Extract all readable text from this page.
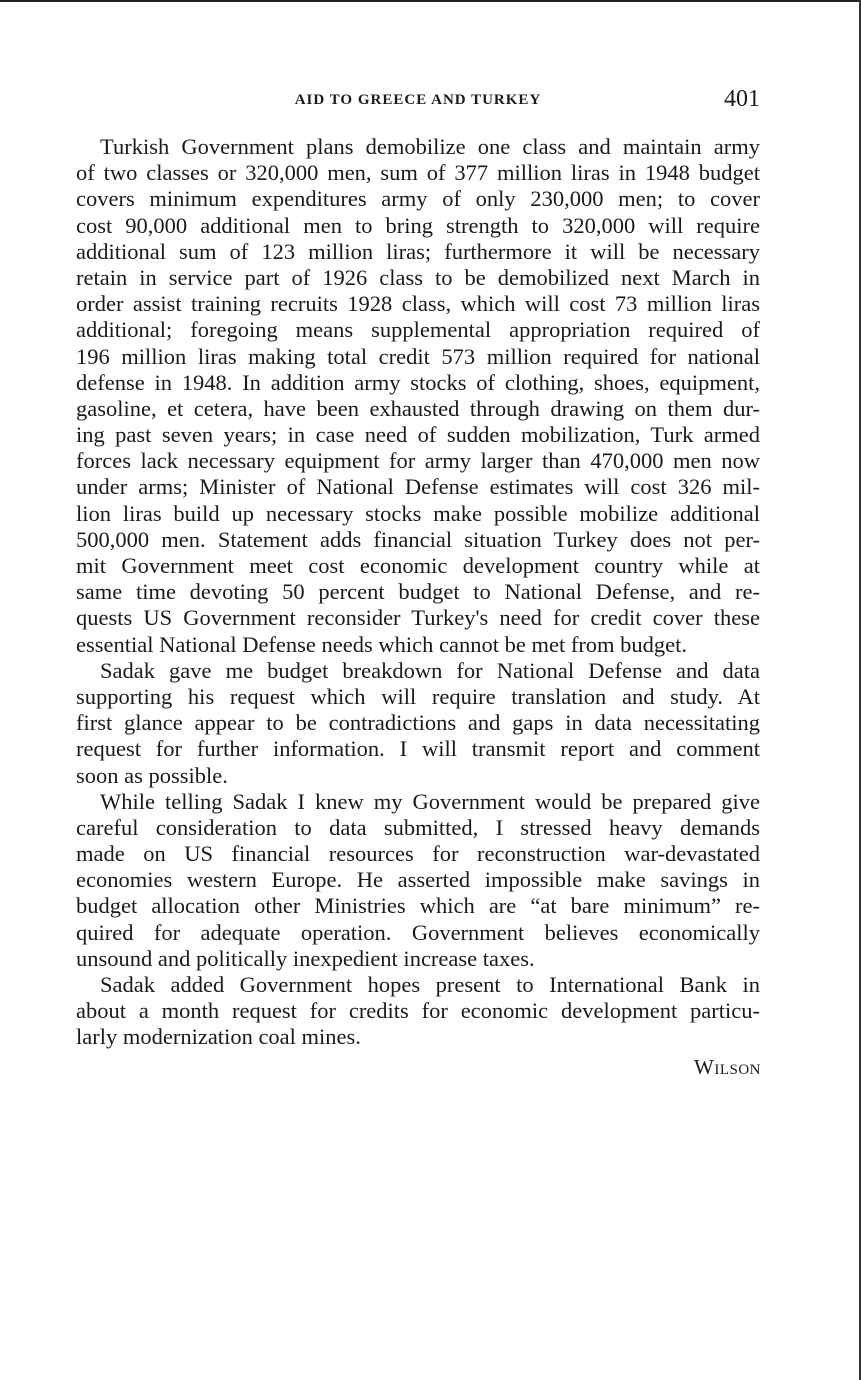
AID TO GREECE AND TURKEY	401
Turkish Government plans demobilize one class and maintain army
of two classes or 320,000 men, sum of 377 million liras in 1948 budget
covers minimum expenditures army of only 230,000 men; to cover
cost 90,000 additional men to bring strength to 320,000 will require
additional sum of 123 million liras; furthermore it will be necessary
retain in service part of 1926 class to be demobilized next March in
order assist training recruits 1928 class, which will cost 73 million liras
additional; foregoing means supplemental appropriation required of
196 million liras making total credit 573 million required for national
defense in 1948. In addition army stocks of clothing, shoes, equipment,
gasoline, et cetera, have been exhausted through drawing on them dur-
ing past seven years; in case need of sudden mobilization, Turk armed
forces lack necessary equipment for army larger than 470,000 men now
under arms; Minister of National Defense estimates will cost 326 mil-
lion liras build up necessary stocks make possible mobilize additional
500,000 men. Statement adds financial situation Turkey does not per-
mit Government meet cost economic development country while at
same time devoting 50 percent budget to National Defense, and re-
quests US Government reconsider Turkey's need for credit cover these
essential National Defense needs which cannot be met from budget.
Sadak gave me budget breakdown for National Defense and data
supporting his request which will require translation and study. At
first glance appear to be contradictions and gaps in data necessitating
request for further information. I will transmit report and comment
soon as possible.
While telling Sadak I knew my Government would be prepared give
careful consideration to data submitted, I stressed heavy demands
made on US financial resources for reconstruction war-devastated
economies western Europe. He asserted impossible make savings in
budget allocation other Ministries which are “at bare minimum” re-
quired for adequate operation. Government believes economically
unsound and politically inexpedient increase taxes.
Sadak added Government hopes present to International Bank in
about a month request for credits for economic development particu-
larly modernization coal mines.
Wilson
